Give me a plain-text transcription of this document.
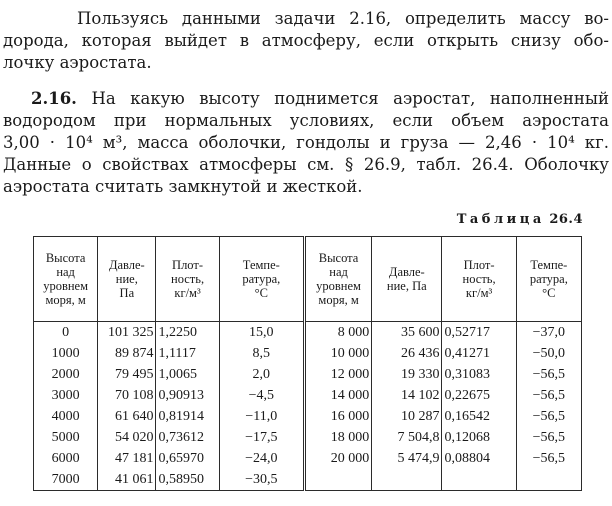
Пользуясь данными задачи 2.16, определить массу во-
дорода, которая выйдет в атмосферу, если открыть снизу обо-
лочку аэростата.
2.16. На какую высоту поднимется аэростат, наполненный
водородом при нормальных условиях, если объем аэростата
3,00 · 10⁴ м³, масса оболочки, гондолы и груза — 2,46 · 10⁴ кг.
Данные о свойствах атмосферы см. § 26.9, табл. 26.4. Оболочку
аэростата считать замкнутой и жесткой.
Таблица 26.4
Высота
над
уровнем
моря, м	Давле-
ние,
Па	Плот-
ность,
кг/м³	Темпе-
ратура,
°C	Высота
над
уровнем
моря, м	Давле-
ние, Па	Плот-
ность,
кг/м³	Темпе-
ратура,
°C
0	101 325	1,2250	15,0	8 000	35 600	0,52717	−37,0
1000	89 874	1,1117	8,5	10 000	26 436	0,41271	−50,0
2000	79 495	1,0065	2,0	12 000	19 330	0,31083	−56,5
3000	70 108	0,90913	−4,5	14 000	14 102	0,22675	−56,5
4000	61 640	0,81914	−11,0	16 000	10 287	0,16542	−56,5
5000	54 020	0,73612	−17,5	18 000	7 504,8	0,12068	−56,5
6000	47 181	0,65970	−24,0	20 000	5 474,9	0,08804	−56,5
7000	41 061	0,58950	−30,5				
